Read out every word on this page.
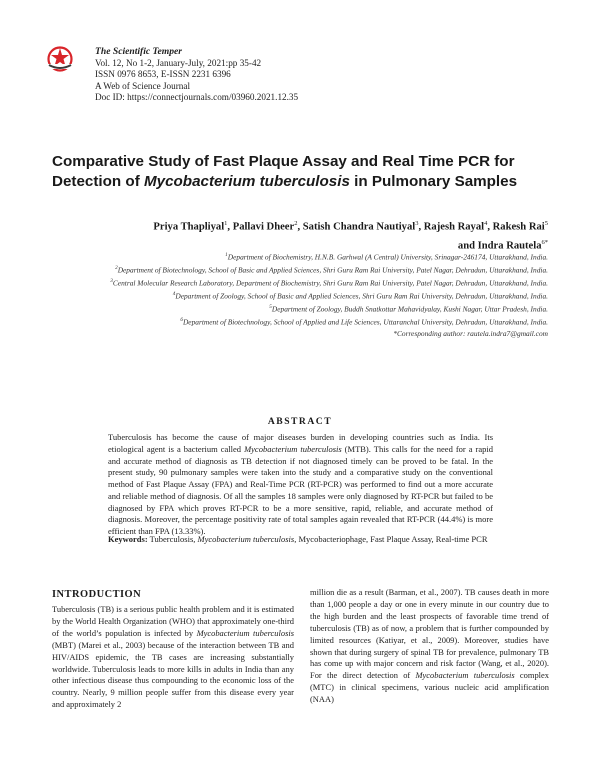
The Scientific Temper
Vol. 12, No 1-2, January-July, 2021:pp 35-42
ISSN 0976 8653, E-ISSN 2231 6396
A Web of Science Journal
Doc ID: https://connectjournals.com/03960.2021.12.35
Comparative Study of Fast Plaque Assay and Real Time PCR for Detection of Mycobacterium tuberculosis in Pulmonary Samples
Priya Thapliyal$^1$, Pallavi Dheer$^2$, Satish Chandra Nautiyal$^3$, Rajesh Rayal$^4$, Rakesh Rai$^5$
and Indra Rautela$^{6*}$
$^1$Department of Biochemistry, H.N.B. Garhwal (A Central) University, Srinagar-246174, Uttarakhand, India.
$^2$Department of Biotechnology, School of Basic and Applied Sciences, Shri Guru Ram Rai University, Patel Nagar, Dehradun, Uttarakhand, India.
$^3$Central Molecular Research Laboratory, Department of Biochemistry, Shri Guru Ram Rai University, Patel Nagar, Dehradun, Uttarakhand, India.
$^4$Department of Zoology, School of Basic and Applied Sciences, Shri Guru Ram Rai University, Dehradun, Uttarakhand, India.
$^5$Department of Zoology, Buddh Snatkottar Mahavidyalay, Kushi Nagar, Uttar Pradesh, India.
$^6$Department of Biotechnology, School of Applied and Life Sciences, Uttaranchal University, Dehradun, Uttarakhand, India.
*Corresponding author: rautela.indra7@gmail.com
ABSTRACT
Tuberculosis has become the cause of major diseases burden in developing countries such as India. Its etiological agent is a bacterium called Mycobacterium tuberculosis (MTB). This calls for the need for a rapid and accurate method of diagnosis as TB detection if not diagnosed timely can be proved to be fatal. In the present study, 90 pulmonary samples were taken into the study and a comparative study on the conventional method of Fast Plaque Assay (FPA) and Real-Time PCR (RT-PCR) was performed to find out a more accurate and reliable method of diagnosis. Of all the samples 18 samples were only diagnosed by RT-PCR but failed to be diagnosed by FPA which proves RT-PCR to be a more sensitive, rapid, reliable, and accurate method of diagnosis. Moreover, the percentage positivity rate of total samples again revealed that RT-PCR (44.4%) is more efficient than FPA (13.33%).
Keywords: Tuberculosis, Mycobacterium tuberculosis, Mycobacteriophage, Fast Plaque Assay, Real-time PCR
INTRODUCTION
Tuberculosis (TB) is a serious public health problem and it is estimated by the World Health Organization (WHO) that approximately one-third of the world’s population is infected by Mycobacterium tuberculosis (MBT) (Marei et al., 2003) because of the interaction between TB and HIV/AIDS epidemic, the TB cases are increasing substantially worldwide. Tuberculosis leads to more kills in adults in India than any other infectious disease thus compounding to the economic loss of the country. Nearly, 9 million people suffer from this disease every year and approximately 2
million die as a result (Barman, et al., 2007). TB causes death in more than 1,000 people a day or one in every minute in our country due to the high burden and the least prospects of favorable time trend of tuberculosis (TB) as of now, a problem that is further compounded by limited resources (Katiyar, et al., 2009). Moreover, studies have shown that during surgery of spinal TB for prevalence, pulmonary TB has come up with major concern and risk factor (Wang, et al., 2020). For the direct detection of Mycobacterium tuberculosis complex (MTC) in clinical specimens, various nucleic acid amplification (NAA)
